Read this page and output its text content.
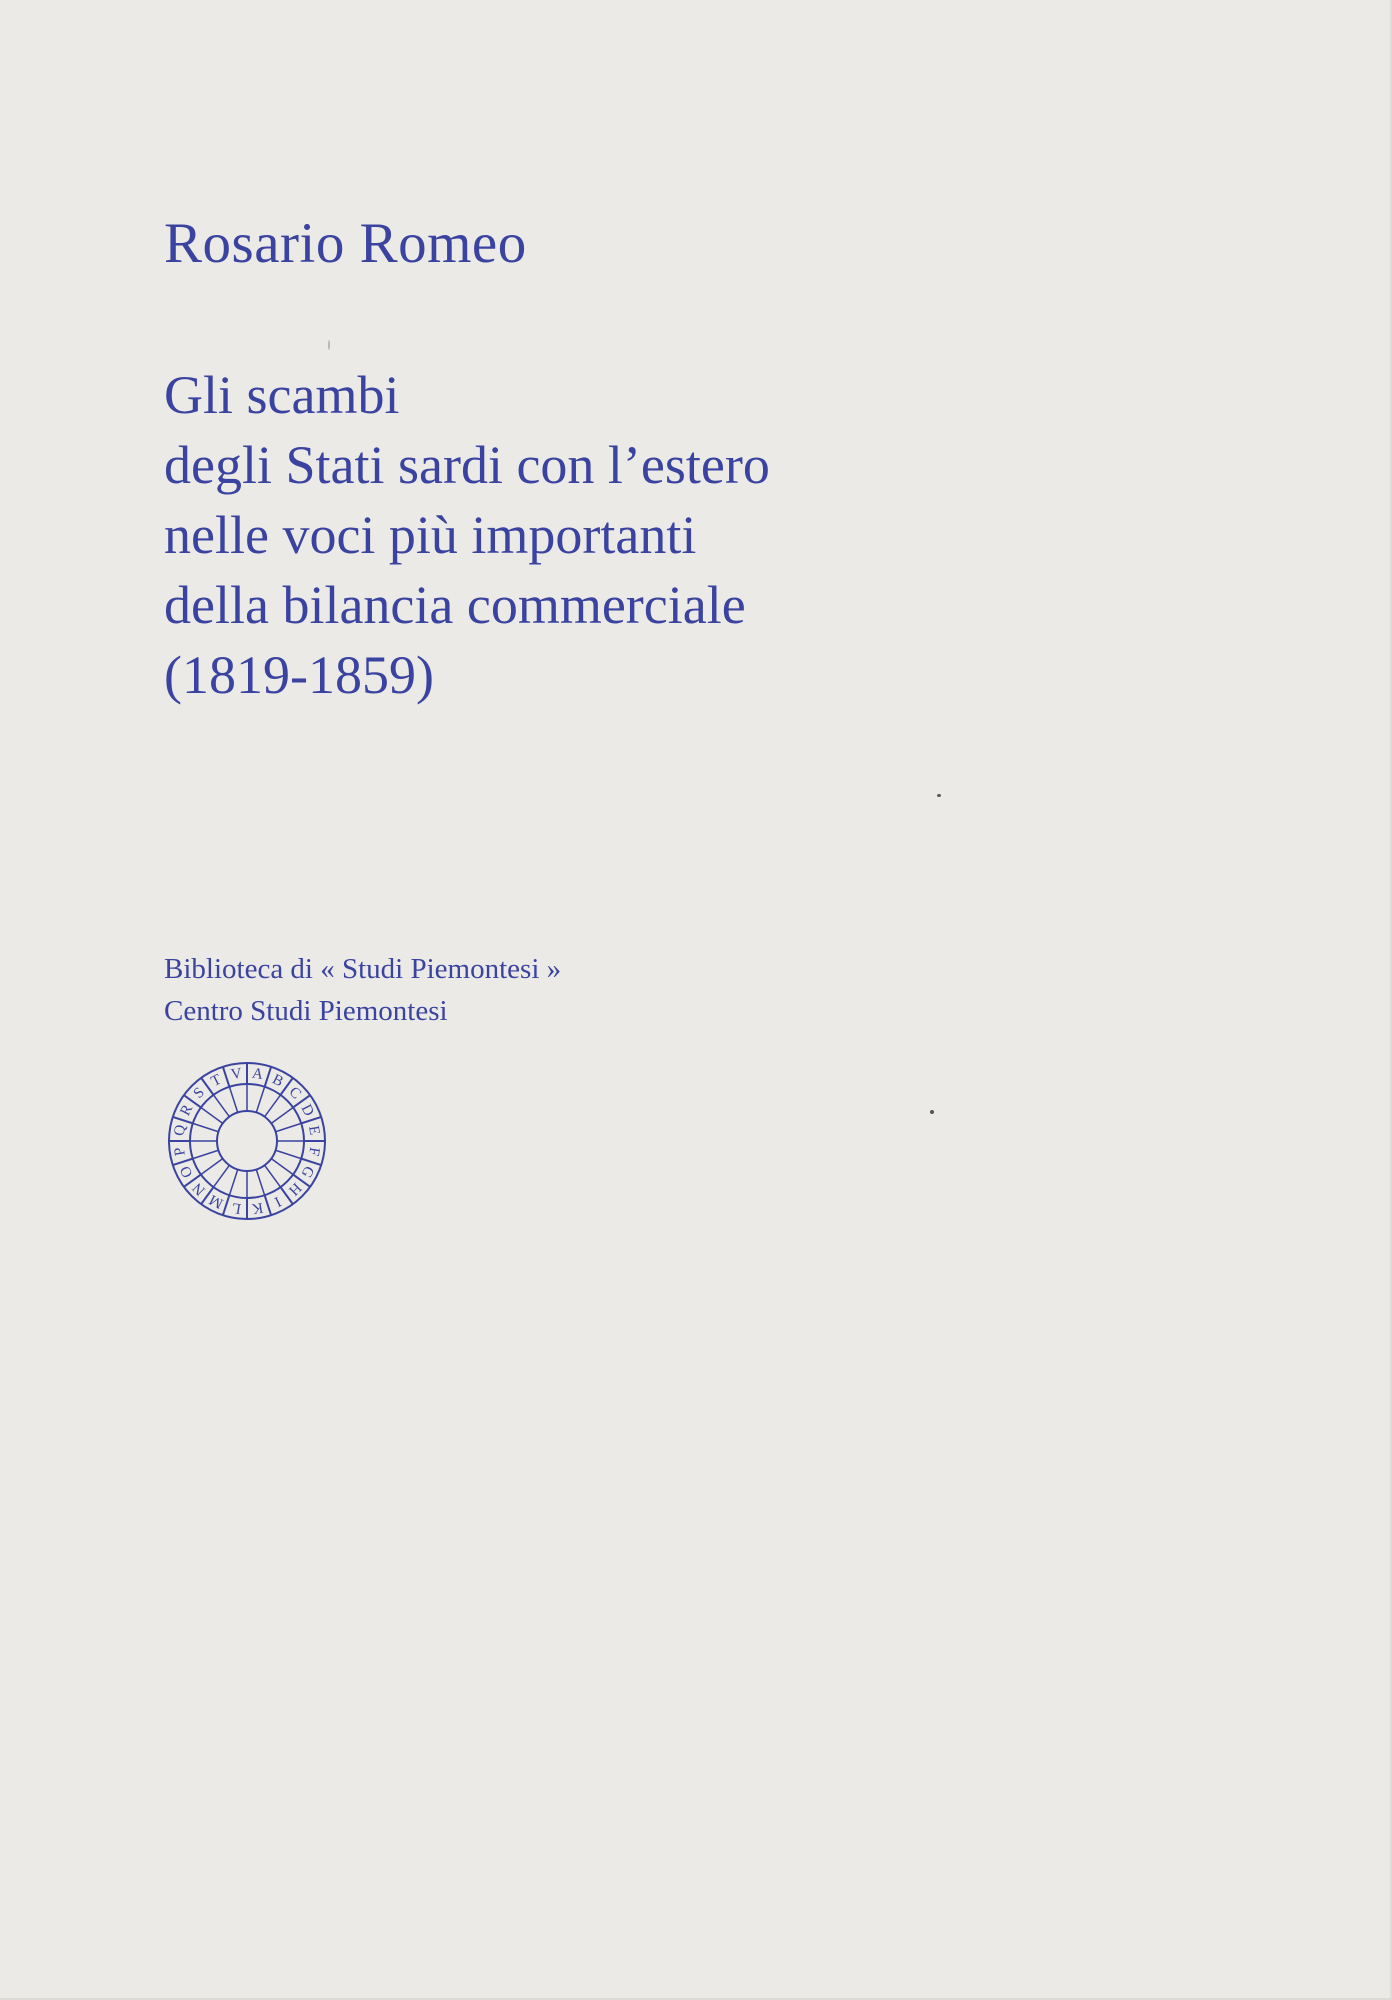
Rosario Romeo
Gli scambi
degli Stati sardi con l’estero
nelle voci più importanti
della bilancia commerciale
(1819-1859)
Biblioteca di « Studi Piemontesi »
Centro Studi Piemontesi
A B
C
D
E
F
G
H
I
K
L
M
N
O
P
Q
R
S
T V
